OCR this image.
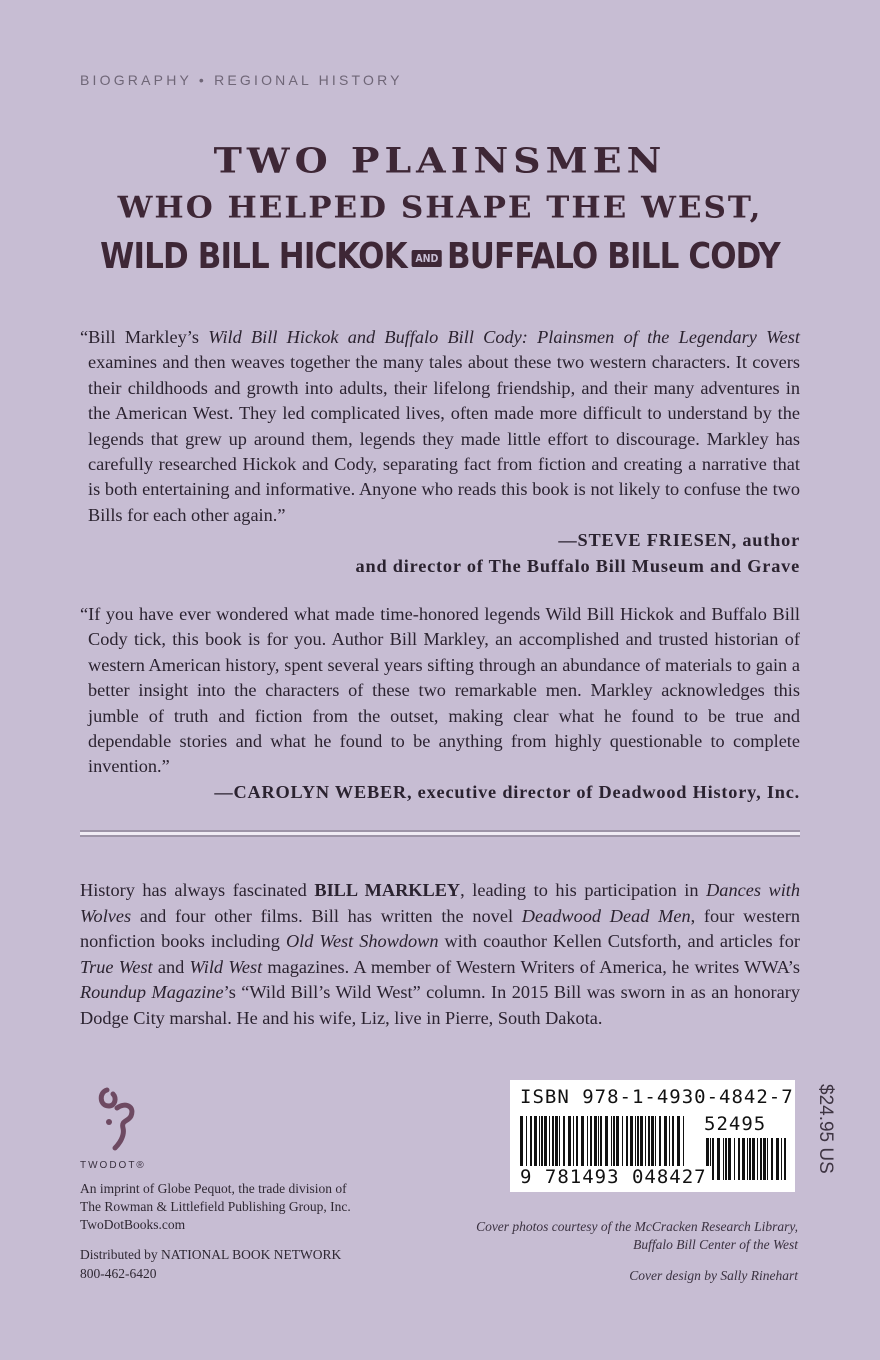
BIOGRAPHY • REGIONAL HISTORY
TWO PLAINSMEN
WHO HELPED SHAPE THE WEST,
WILD BILL HICKOK AND BUFFALO BILL CODY
“Bill Markley’s Wild Bill Hickok and Buffalo Bill Cody: Plainsmen of the Legendary West examines and then weaves together the many tales about these two western characters. It covers their childhoods and growth into adults, their lifelong friendship, and their many adventures in the American West. They led complicated lives, often made more difficult to understand by the legends that grew up around them, legends they made little effort to discourage. Markley has carefully researched Hickok and Cody, separating fact from fiction and creating a narrative that is both entertaining and informative. Anyone who reads this book is not likely to confuse the two Bills for each other again.”
—STEVE FRIESEN, author
and director of The Buffalo Bill Museum and Grave
“If you have ever wondered what made time-honored legends Wild Bill Hickok and Buffalo Bill Cody tick, this book is for you. Author Bill Markley, an accomplished and trusted historian of western American history, spent several years sifting through an abundance of materials to gain a better insight into the characters of these two remarkable men. Markley acknowledges this jumble of truth and fiction from the outset, making clear what he found to be true and dependable stories and what he found to be anything from highly questionable to complete invention.”
—CAROLYN WEBER, executive director of Deadwood History, Inc.
History has always fascinated BILL MARKLEY, leading to his participation in Dances with Wolves and four other films. Bill has written the novel Deadwood Dead Men, four western nonfiction books including Old West Showdown with coauthor Kellen Cutsforth, and articles for True West and Wild West magazines. A member of Western Writers of America, he writes WWA’s Roundup Magazine’s “Wild Bill’s Wild West” column. In 2015 Bill was sworn in as an honorary Dodge City marshal. He and his wife, Liz, live in Pierre, South Dakota.
TWODOT®
An imprint of Globe Pequot, the trade division of
The Rowman & Littlefield Publishing Group, Inc.
TwoDotBooks.com
Distributed by NATIONAL BOOK NETWORK
800-462-6420
ISBN 978-1-4930-4842-7
52495
9 781493 048427
$24.95 US
Cover photos courtesy of the McCracken Research Library,
Buffalo Bill Center of the West
Cover design by Sally Rinehart
